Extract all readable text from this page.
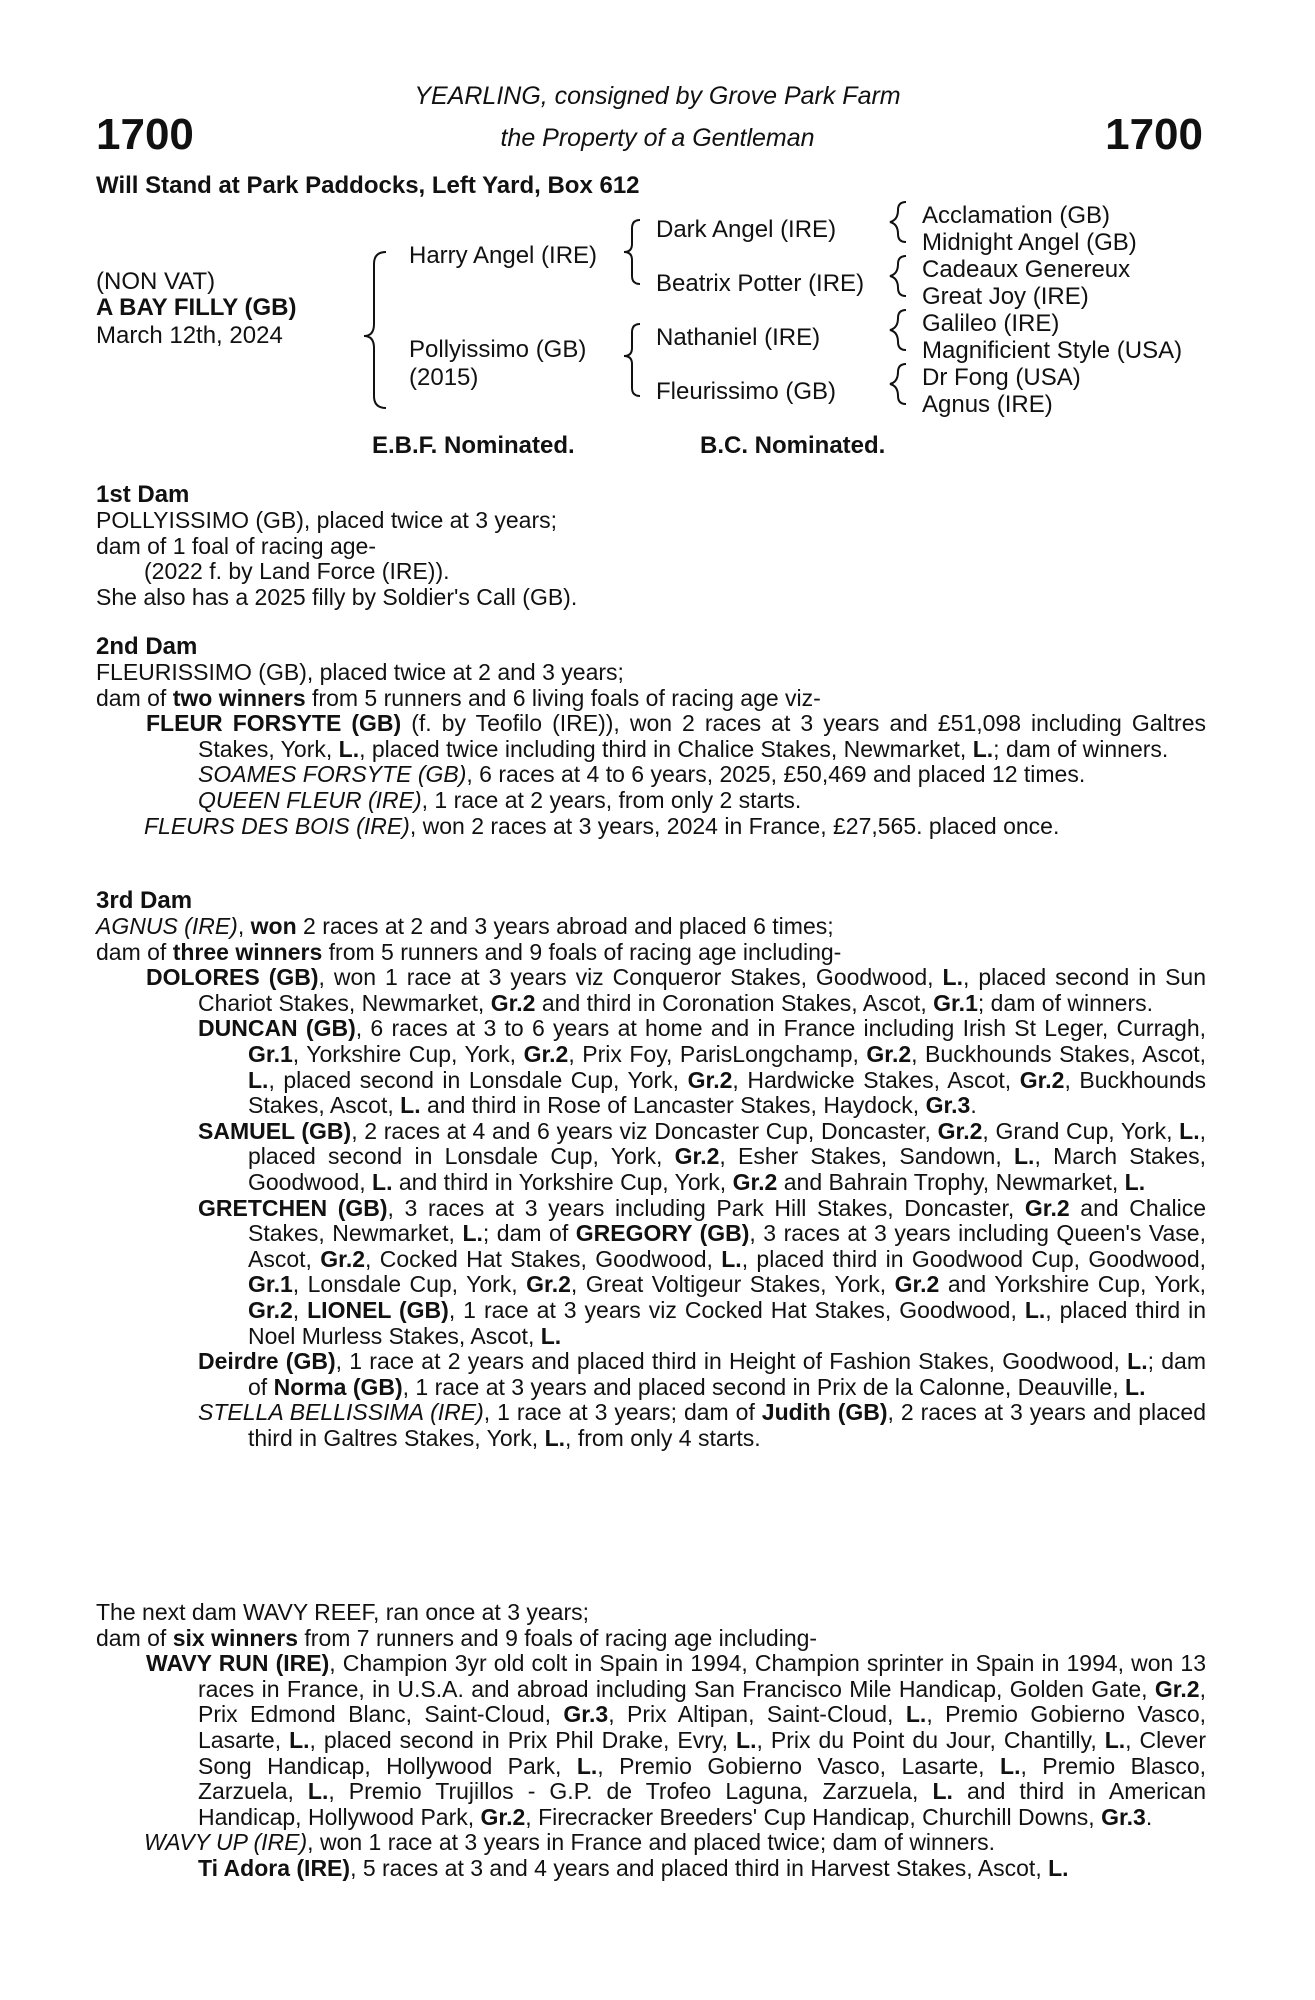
1700	1700
YEARLING, consigned by Grove Park Farm
the Property of a Gentleman
Will Stand at Park Paddocks, Left Yard, Box 612
(NON VAT)
A BAY FILLY (GB)
March 12th, 2024
Harry Angel (IRE)
Pollyissimo (GB)
(2015)
Dark Angel (IRE)
Beatrix Potter (IRE)
Nathaniel (IRE)
Fleurissimo (GB)
Acclamation (GB)
Midnight Angel (GB)
Cadeaux Genereux
Great Joy (IRE)
Galileo (IRE)
Magnificient Style (USA)
Dr Fong (USA)
Agnus (IRE)
E.B.F. Nominated.	B.C. Nominated.
1st Dam

POLLYISSIMO (GB), placed twice at 3 years;

dam of 1 foal of racing age-

(2022 f. by Land Force (IRE)).

She also has a 2025 filly by Soldier's Call (GB).

2nd Dam

FLEURISSIMO (GB), placed twice at 2 and 3 years;

dam of two winners from 5 runners and 6 living foals of racing age viz-

FLEUR FORSYTE (GB) (f. by Teofilo (IRE)), won 2 races at 3 years and £51,098 including Galtres Stakes, York, L., placed twice including third in Chalice Stakes, Newmarket, L.; dam of winners.

SOAMES FORSYTE (GB), 6 races at 4 to 6 years, 2025, £50,469 and placed 12 times.

QUEEN FLEUR (IRE), 1 race at 2 years, from only 2 starts.

FLEURS DES BOIS (IRE), won 2 races at 3 years, 2024 in France, £27,565. placed once.

3rd Dam

AGNUS (IRE), won 2 races at 2 and 3 years abroad and placed 6 times;

dam of three winners from 5 runners and 9 foals of racing age including-

DOLORES (GB), won 1 race at 3 years viz Conqueror Stakes, Goodwood, L., placed second in Sun Chariot Stakes, Newmarket, Gr.2 and third in Coronation Stakes, Ascot, Gr.1; dam of winners.

DUNCAN (GB), 6 races at 3 to 6 years at home and in France including Irish St Leger, Curragh, Gr.1, Yorkshire Cup, York, Gr.2, Prix Foy, ParisLongchamp, Gr.2, Buckhounds Stakes, Ascot, L., placed second in Lonsdale Cup, York, Gr.2, Hardwicke Stakes, Ascot, Gr.2, Buckhounds Stakes, Ascot, L. and third in Rose of Lancaster Stakes, Haydock, Gr.3.

SAMUEL (GB), 2 races at 4 and 6 years viz Doncaster Cup, Doncaster, Gr.2, Grand Cup, York, L., placed second in Lonsdale Cup, York, Gr.2, Esher Stakes, Sandown, L., March Stakes, Goodwood, L. and third in Yorkshire Cup, York, Gr.2 and Bahrain Trophy, Newmarket, L.

GRETCHEN (GB), 3 races at 3 years including Park Hill Stakes, Doncaster, Gr.2 and Chalice Stakes, Newmarket, L.; dam of GREGORY (GB), 3 races at 3 years including Queen's Vase, Ascot, Gr.2, Cocked Hat Stakes, Goodwood, L., placed third in Goodwood Cup, Goodwood, Gr.1, Lonsdale Cup, York, Gr.2, Great Voltigeur Stakes, York, Gr.2 and Yorkshire Cup, York, Gr.2, LIONEL (GB), 1 race at 3 years viz Cocked Hat Stakes, Goodwood, L., placed third in Noel Murless Stakes, Ascot, L.

Deirdre (GB), 1 race at 2 years and placed third in Height of Fashion Stakes, Goodwood, L.; dam of Norma (GB), 1 race at 3 years and placed second in Prix de la Calonne, Deauville, L.

STELLA BELLISSIMA (IRE), 1 race at 3 years; dam of Judith (GB), 2 races at 3 years and placed third in Galtres Stakes, York, L., from only 4 starts.

The next dam WAVY REEF, ran once at 3 years;

dam of six winners from 7 runners and 9 foals of racing age including-

WAVY RUN (IRE), Champion 3yr old colt in Spain in 1994, Champion sprinter in Spain in 1994, won 13 races in France, in U.S.A. and abroad including San Francisco Mile Handicap, Golden Gate, Gr.2, Prix Edmond Blanc, Saint-Cloud, Gr.3, Prix Altipan, Saint-Cloud, L., Premio Gobierno Vasco, Lasarte, L., placed second in Prix Phil Drake, Evry, L., Prix du Point du Jour, Chantilly, L., Clever Song Handicap, Hollywood Park, L., Premio Gobierno Vasco, Lasarte, L., Premio Blasco, Zarzuela, L., Premio Trujillos - G.P. de Trofeo Laguna, Zarzuela, L. and third in American Handicap, Hollywood Park, Gr.2, Firecracker Breeders' Cup Handicap, Churchill Downs, Gr.3.

WAVY UP (IRE), won 1 race at 3 years in France and placed twice; dam of winners.

Ti Adora (IRE), 5 races at 3 and 4 years and placed third in Harvest Stakes, Ascot, L.
